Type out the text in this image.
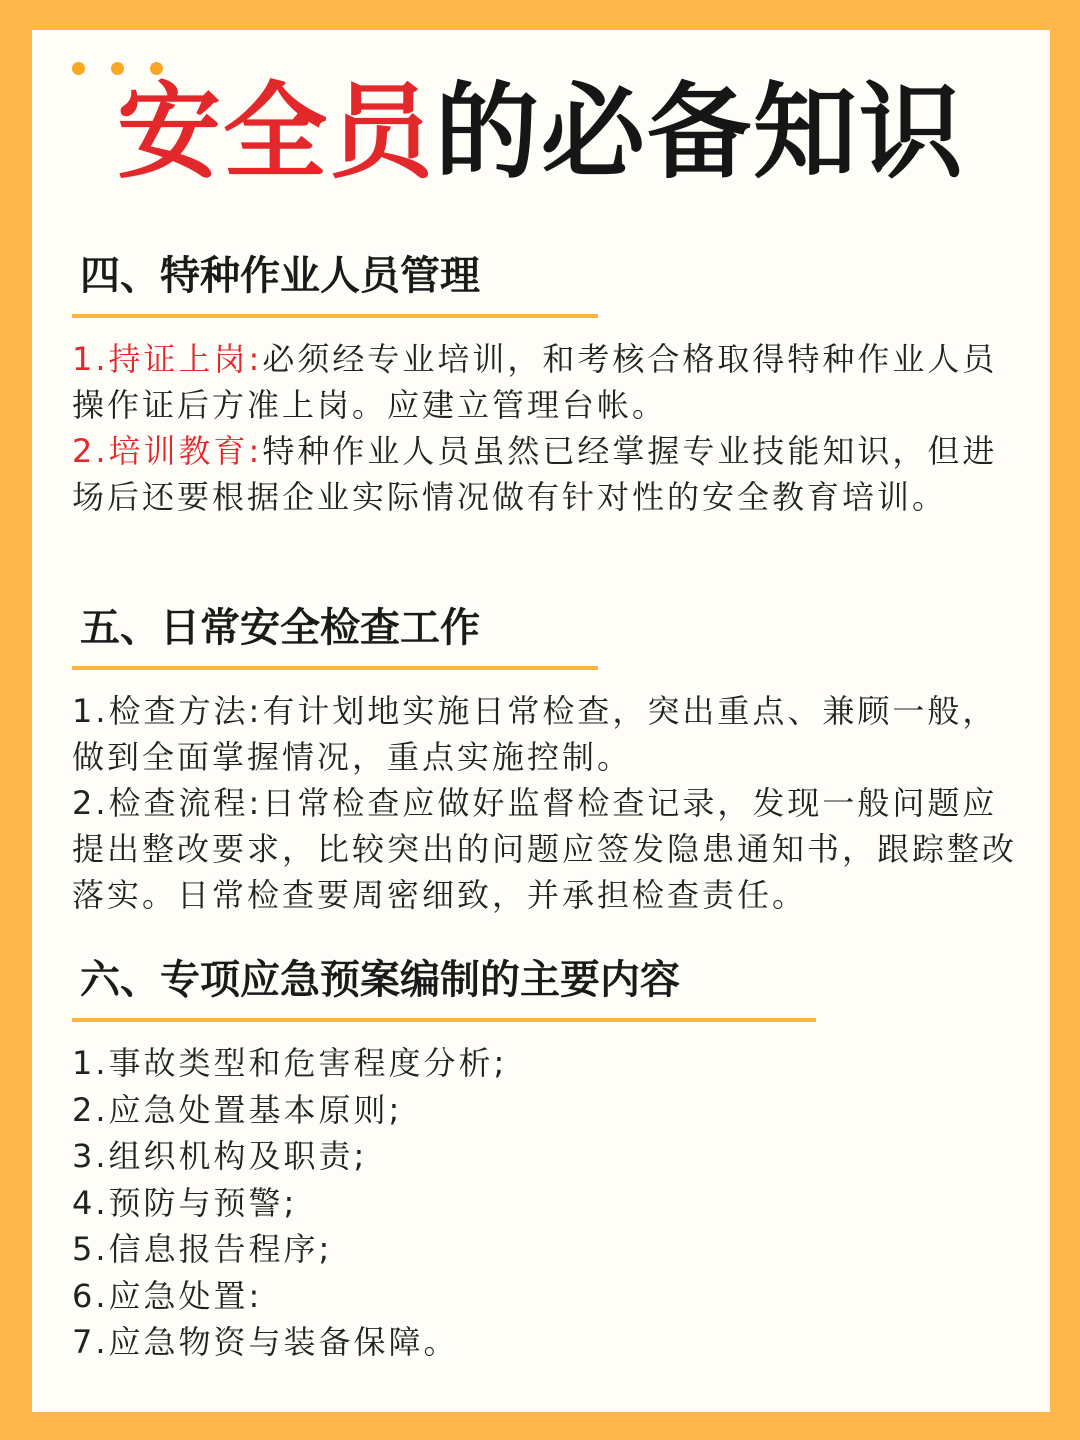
安全员的必备知识
四、特种作业人员管理

1.持证上岗:必须经专业培训，和考核合格取得特种作业人员操作证后方准上岗。应建立管理台帐。

2.培训教育:特种作业人员虽然已经掌握专业技能知识，但进场后还要根据企业实际情况做有针对性的安全教育培训。

五、日常安全检查工作

1.检查方法:有计划地实施日常检查，突出重点、兼顾一般，做到全面掌握情况，重点实施控制。

2.检查流程:日常检查应做好监督检查记录，发现一般问题应提出整改要求，比较突出的问题应签发隐患通知书，跟踪整改落实。日常检查要周密细致，并承担检查责任。

六、专项应急预案编制的主要内容
1.事故类型和危害程度分析;
2.应急处置基本原则;
3.组织机构及职责;
4.预防与预警;
5.信息报告程序;
6.应急处置:
7.应急物资与装备保障。
